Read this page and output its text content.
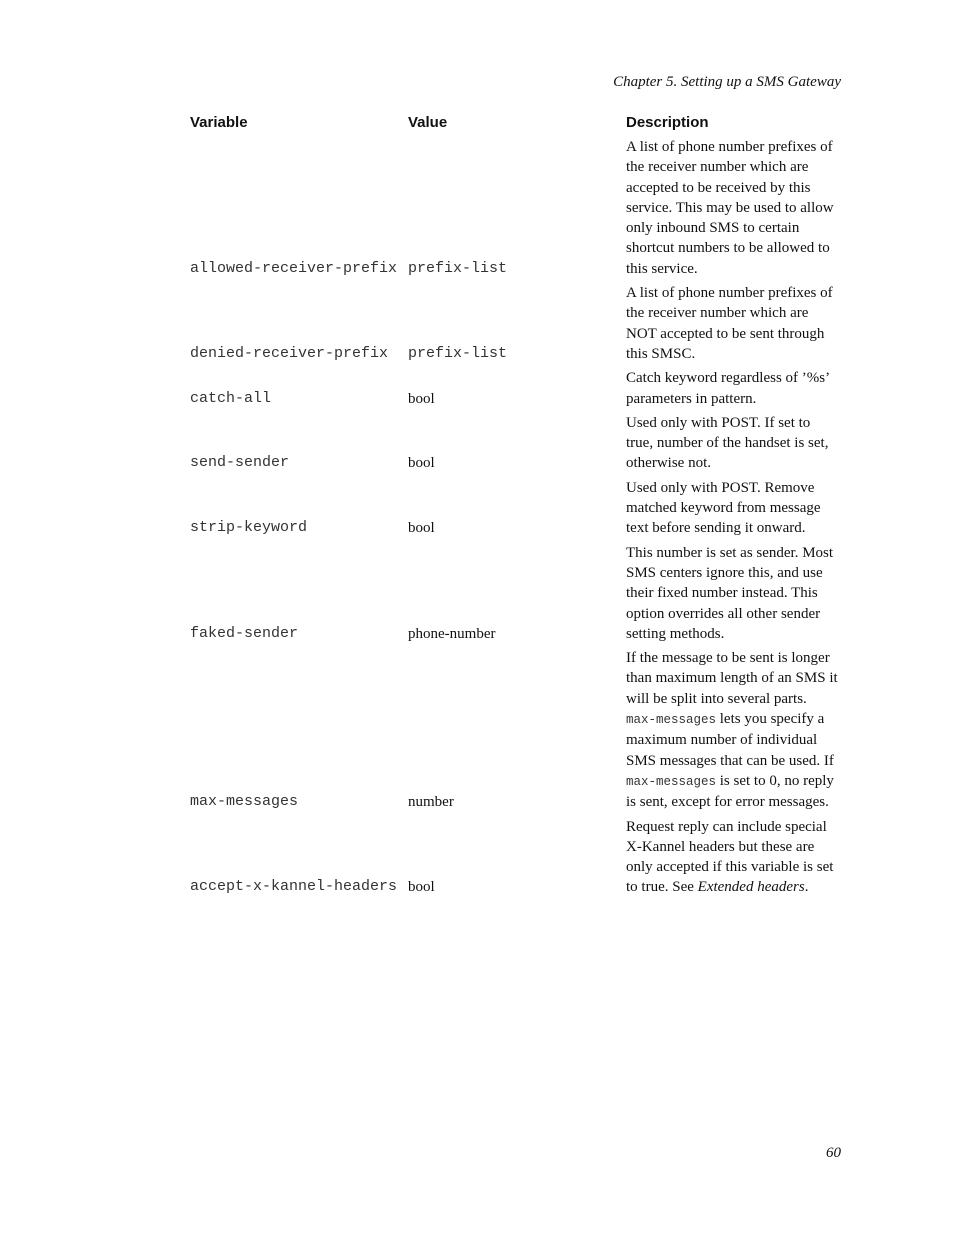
Chapter 5. Setting up a SMS Gateway
Variable	Value	Description
allowed-receiver-prefix	prefix-list	A list of phone number prefixes of the receiver number which are accepted to be received by this service. This may be used to allow only inbound SMS to certain shortcut numbers to be allowed to this service.
denied-receiver-prefix	prefix-list	A list of phone number prefixes of the receiver number which are NOT accepted to be sent through this SMSC.
catch-all	bool	Catch keyword regardless of ’%s’ parameters in pattern.
send-sender	bool	Used only with POST. If set to true, number of the handset is set, otherwise not.
strip-keyword	bool	Used only with POST. Remove matched keyword from message text before sending it onward.
faked-sender	phone-number	This number is set as sender. Most SMS centers ignore this, and use their fixed number instead. This option overrides all other sender setting methods.
max-messages	number	If the message to be sent is longer than maximum length of an SMS it will be split into several parts. max-messages lets you specify a maximum number of individual SMS messages that can be used. If max-messages is set to 0, no reply is sent, except for error messages.
accept-x-kannel-headers	bool	Request reply can include special X-Kannel headers but these are only accepted if this variable is set to true. See Extended headers.
60
